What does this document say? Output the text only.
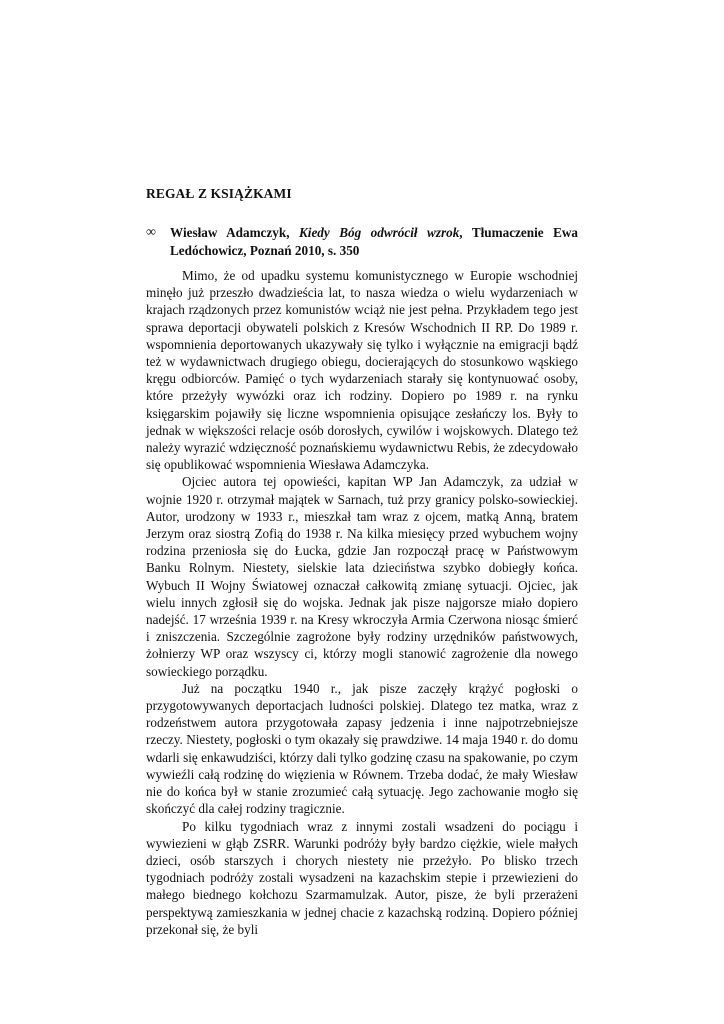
REGAŁ Z KSIĄŻKAMI
∞	Wiesław Adamczyk, Kiedy Bóg odwrócił wzrok, Tłumaczenie Ewa Ledóchowicz, Poznań 2010, s. 350

Mimo, że od upadku systemu komunistycznego w Europie wschodniej minęło już przeszło dwadzieścia lat, to nasza wiedza o wielu wydarzeniach w krajach rządzonych przez komunistów wciąż nie jest pełna. Przykładem tego jest sprawa deportacji obywateli polskich z Kresów Wschodnich II RP. Do 1989 r. wspomnienia deportowanych ukazywały się tylko i wyłącznie na emigracji bądź też w wydawnictwach drugiego obiegu, docierających do stosunkowo wąskiego kręgu odbiorców. Pamięć o tych wydarzeniach starały się kontynuować osoby, które przeżyły wywózki oraz ich rodziny. Dopiero po 1989 r. na rynku księgarskim pojawiły się liczne wspomnienia opisujące zesłańczy los. Były to jednak w większości relacje osób dorosłych, cywilów i wojskowych. Dlatego też należy wyrazić wdzięczność poznańskiemu wydawnictwu Rebis, że zdecydowało się opublikować wspomnienia Wiesława Adamczyka.

Ojciec autora tej opowieści, kapitan WP Jan Adamczyk, za udział w wojnie 1920 r. otrzymał majątek w Sarnach, tuż przy granicy polsko-sowieckiej. Autor, urodzony w 1933 r., mieszkał tam wraz z ojcem, matką Anną, bratem Jerzym oraz siostrą Zofią do 1938 r. Na kilka miesięcy przed wybuchem wojny rodzina przeniosła się do Łucka, gdzie Jan rozpoczął pracę w Państwowym Banku Rolnym. Niestety, sielskie lata dzieciństwa szybko dobiegły końca. Wybuch II Wojny Światowej oznaczał całkowitą zmianę sytuacji. Ojciec, jak wielu innych zgłosił się do wojska. Jednak jak pisze najgorsze miało dopiero nadejść. 17 września 1939 r. na Kresy wkroczyła Armia Czerwona niosąc śmierć i zniszczenia. Szczególnie zagrożone były rodziny urzędników państwowych, żołnierzy WP oraz wszyscy ci, którzy mogli stanowić zagrożenie dla nowego sowieckiego porządku.

Już na początku 1940 r., jak pisze zaczęły krążyć pogłoski o przygotowywanych deportacjach ludności polskiej. Dlatego tez matka, wraz z rodzeństwem autora przygotowała zapasy jedzenia i inne najpotrzebniejsze rzeczy. Niestety, pogłoski o tym okazały się prawdziwe. 14 maja 1940 r. do domu wdarli się enkawudziści, którzy dali tylko godzinę czasu na spakowanie, po czym wywieźli całą rodzinę do więzienia w Równem. Trzeba dodać, że mały Wiesław nie do końca był w stanie zrozumieć całą sytuację. Jego zachowanie mogło się skończyć dla całej rodziny tragicznie.

Po kilku tygodniach wraz z innymi zostali wsadzeni do pociągu i wywiezieni w głąb ZSRR. Warunki podróży były bardzo ciężkie, wiele małych dzieci, osób starszych i chorych niestety nie przeżyło. Po blisko trzech tygodniach podróży zostali wysadzeni na kazachskim stepie i przewiezieni do małego biednego kołchozu Szarmamulzak. Autor, pisze, że byli przerażeni perspektywą zamieszkania w jednej chacie z kazachską rodziną. Dopiero później przekonał się, że byli
